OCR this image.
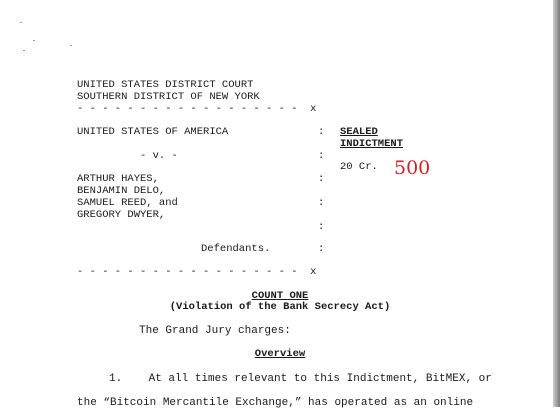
UNITED STATES DISTRICT COURT
SOUTHERN DISTRICT OF NEW YORK
- - - - - - - - - - - - - - - - - -  x
UNITED STATES OF AMERICA
- v. -
ARTHUR HAYES,
BENJAMIN DELO,
SAMUEL REED, and
GREGORY DWYER,
Defendants.
- - - - - - - - - - - - - - - - - -  x
:
:
:
:
:
:
SEALED
INDICTMENT
20 Cr. 500
COUNT ONE
(Violation of the Bank Secrecy Act)
The Grand Jury charges:
Overview
1.    At all times relevant to this Indictment, BitMEX, or
the “Bitcoin Mercantile Exchange,” has operated as an online
